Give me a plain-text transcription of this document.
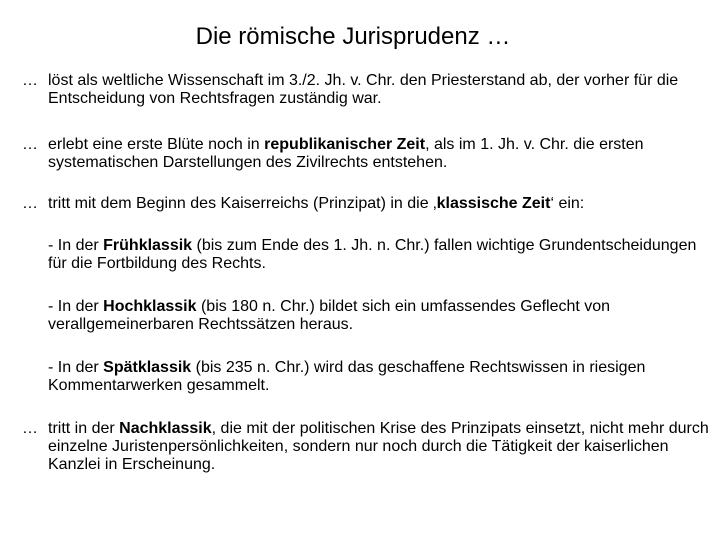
Die römische Jurisprudenz …
… löst als weltliche Wissenschaft im 3./2. Jh. v. Chr. den Priesterstand ab, der vorher für die Entscheidung von Rechtsfragen zuständig war.
… erlebt eine erste Blüte noch in republikanischer Zeit, als im 1. Jh. v. Chr. die ersten systematischen Darstellungen des Zivilrechts entstehen.
… tritt mit dem Beginn des Kaiserreichs (Prinzipat) in die ‚klassische Zeit‘ ein:
- In der Frühklassik (bis zum Ende des 1. Jh. n. Chr.) fallen wichtige Grundentscheidungen für die Fortbildung des Rechts.
- In der Hochklassik (bis 180 n. Chr.) bildet sich ein umfassendes Geflecht von verallgemeinerbaren Rechtssätzen heraus.
- In der Spätklassik (bis 235 n. Chr.) wird das geschaffene Rechtswissen in riesigen Kommentarwerken gesammelt.
… tritt in der Nachklassik, die mit der politischen Krise des Prinzipats einsetzt, nicht mehr durch einzelne Juristenpersönlichkeiten, sondern nur noch durch die Tätigkeit der kaiserlichen Kanzlei in Erscheinung.
